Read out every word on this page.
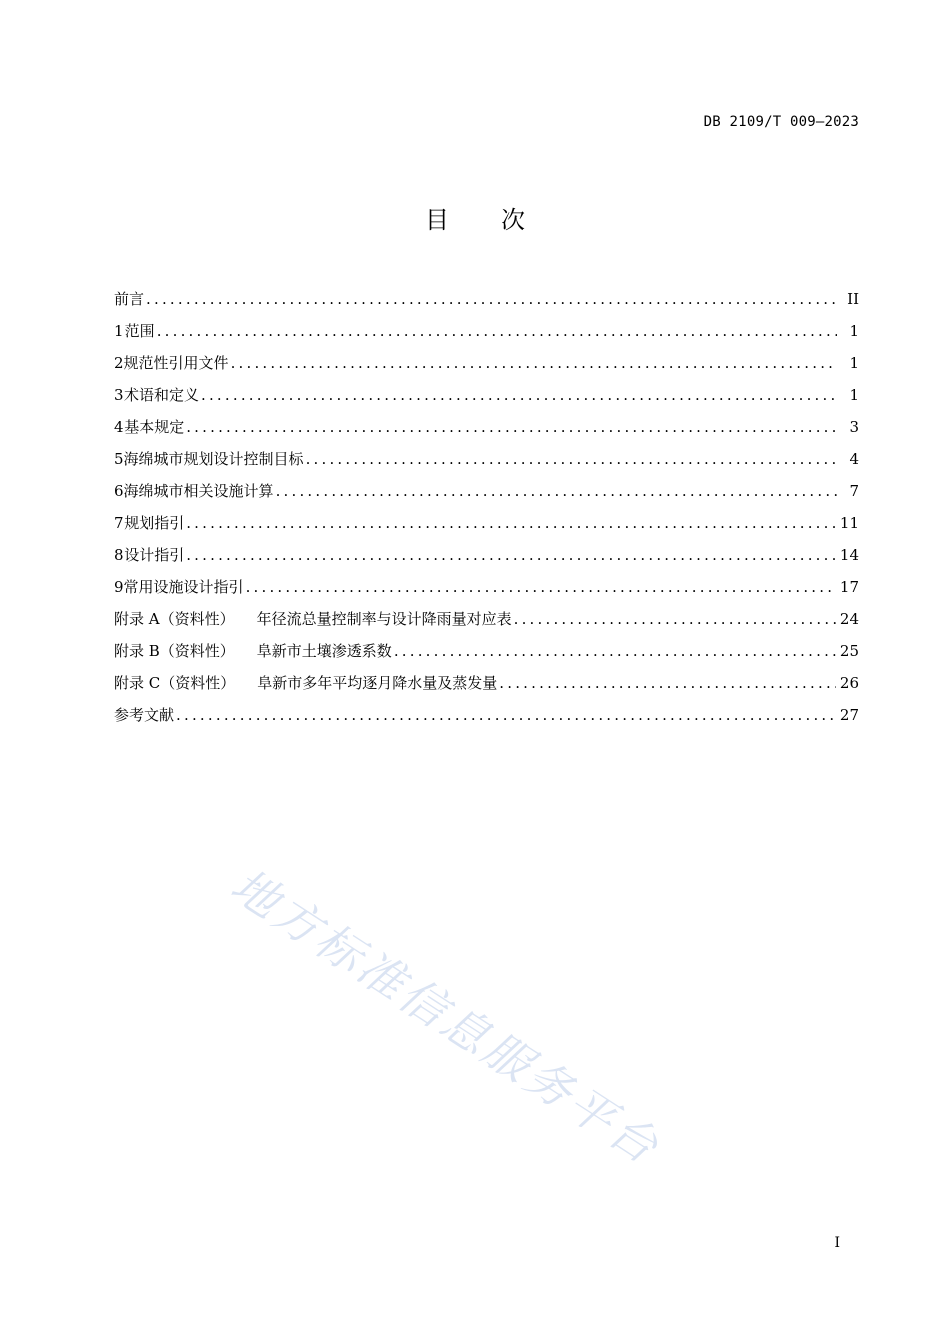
DB 2109/T 009—2023
目 次
前言 .....	II
1 范围 .....	1
2 规范性引用文件 .....	1
3 术语和定义 .....	1
4 基本规定 .....	3
5 海绵城市规划设计控制目标 .....	4
6 海绵城市相关设施计算 .....	7
7 规划指引 .....	11
8 设计指引 .....	14
9 常用设施设计指引 .....	17
附录 A（资料性） 年径流总量控制率与设计降雨量对应表 .....	24
附录 B（资料性） 阜新市土壤渗透系数 .....	25
附录 C（资料性） 阜新市多年平均逐月降水量及蒸发量 .....	26
参考文献 .....	27
地方标准信息服务平台
I
